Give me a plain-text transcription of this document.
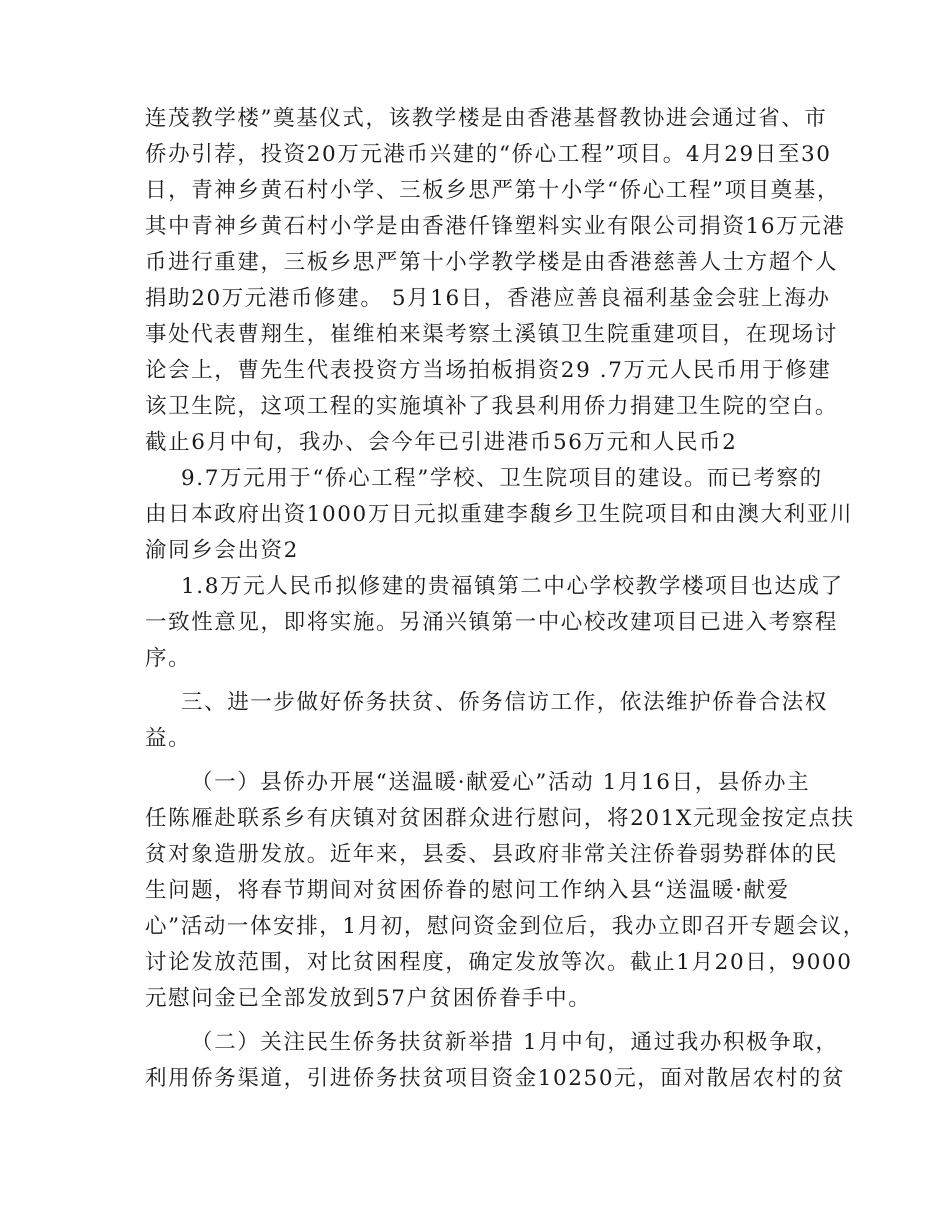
连茂教学楼”奠基仪式，该教学楼是由香港基督教协进会通过省、市
侨办引荐，投资20万元港币兴建的“侨心工程”项目。4月29日至30
日，青神乡黄石村小学、三板乡思严第十小学“侨心工程”项目奠基，
其中青神乡黄石村小学是由香港仟锋塑料实业有限公司捐资16万元港
币进行重建，三板乡思严第十小学教学楼是由香港慈善人士方超个人
捐助20万元港币修建。 5月16日，香港应善良福利基金会驻上海办
事处代表曹翔生，崔维柏来渠考察土溪镇卫生院重建项目，在现场讨
论会上，曹先生代表投资方当场拍板捐资29 .7万元人民币用于修建
该卫生院，这项工程的实施填补了我县利用侨力捐建卫生院的空白。
截止6月中旬，我办、会今年已引进港币56万元和人民币2
9.7万元用于“侨心工程”学校、卫生院项目的建设。而已考察的
由日本政府出资1000万日元拟重建李馥乡卫生院项目和由澳大利亚川
渝同乡会出资2
1.8万元人民币拟修建的贵福镇第二中心学校教学楼项目也达成了
一致性意见，即将实施。另涌兴镇第一中心校改建项目已进入考察程
序。
三、进一步做好侨务扶贫、侨务信访工作，依法维护侨眷合法权
益。
（一）县侨办开展“送温暖·献爱心”活动 1月16日，县侨办主
任陈雁赴联系乡有庆镇对贫困群众进行慰问，将201X元现金按定点扶
贫对象造册发放。近年来，县委、县政府非常关注侨眷弱势群体的民
生问题，将春节期间对贫困侨眷的慰问工作纳入县“送温暖·献爱
心”活动一体安排，1月初，慰问资金到位后，我办立即召开专题会议，
讨论发放范围，对比贫困程度，确定发放等次。截止1月20日，9000
元慰问金已全部发放到57户贫困侨眷手中。
（二）关注民生侨务扶贫新举措 1月中旬，通过我办积极争取，
利用侨务渠道，引进侨务扶贫项目资金10250元，面对散居农村的贫
